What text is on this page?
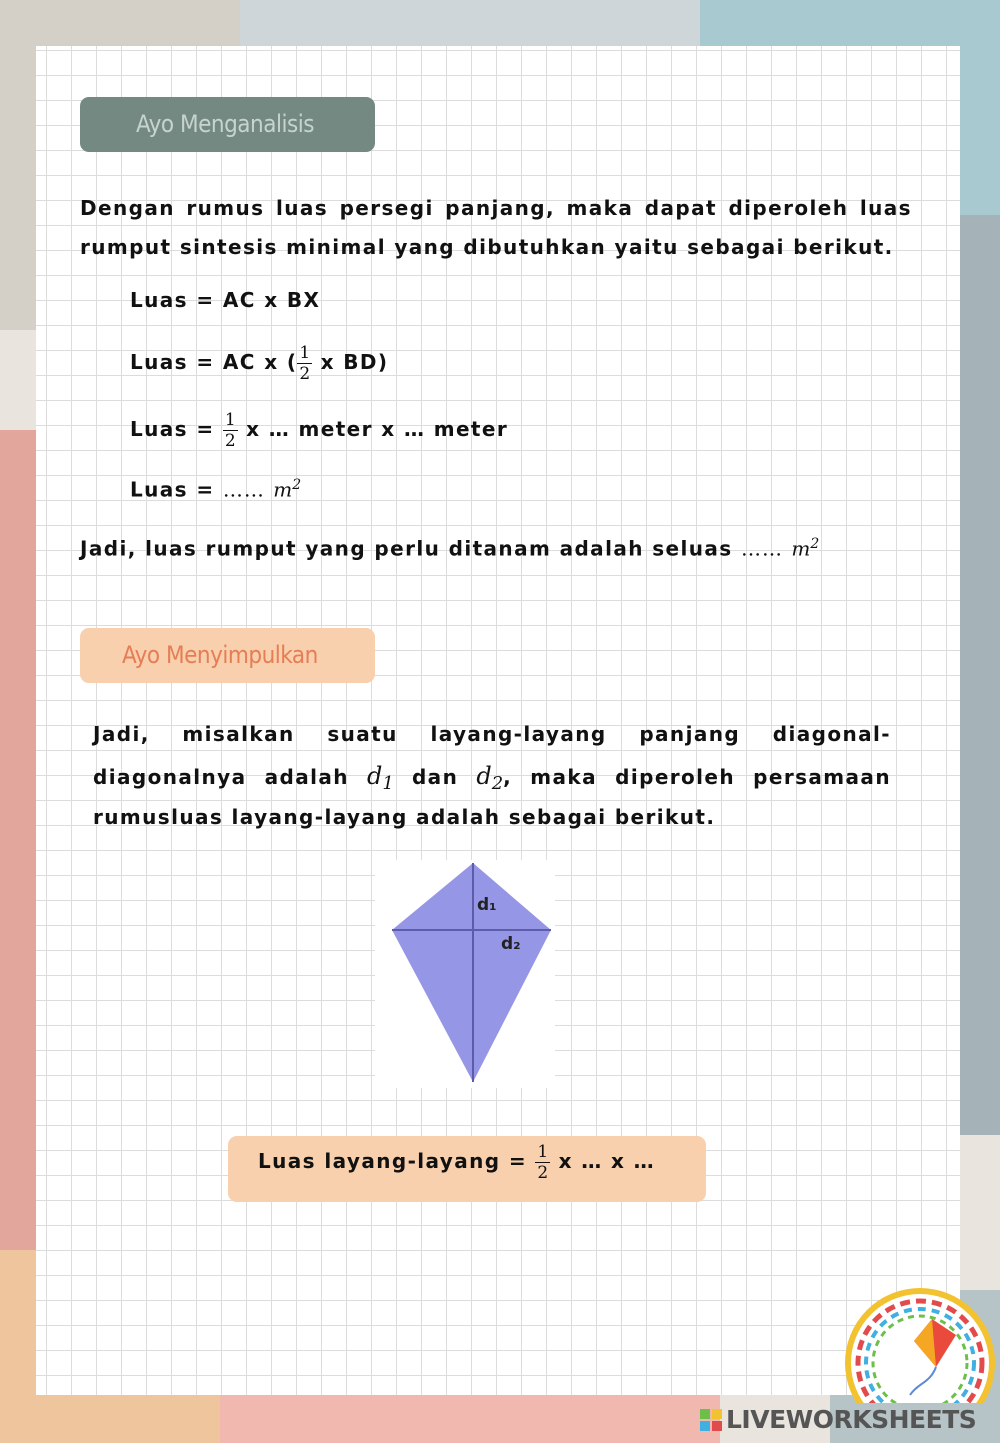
Ayo Menganalisis
Dengan rumus luas persegi panjang, maka dapat diperoleh luas
rumput sintesis minimal yang dibutuhkan yaitu sebagai berikut.
Luas = AC x BX
Luas = AC x ( $\frac{1}{2}$ x BD)
Luas = $\frac{1}{2}$ x … meter x … meter
Luas = …… $m^2$
Jadi, luas rumput yang perlu ditanam adalah seluas …… $m^2$
Ayo Menyimpulkan
Jadi, misalkan suatu layang-layang panjang diagonal-
diagonalnya adalah $d_1$ dan $d_2$, maka diperoleh persamaan
rumusluas layang-layang adalah sebagai berikut.
d₁
d₂
Luas layang-layang = $\frac{1}{2}$ x … x …
LIVEWORKSHEETS
